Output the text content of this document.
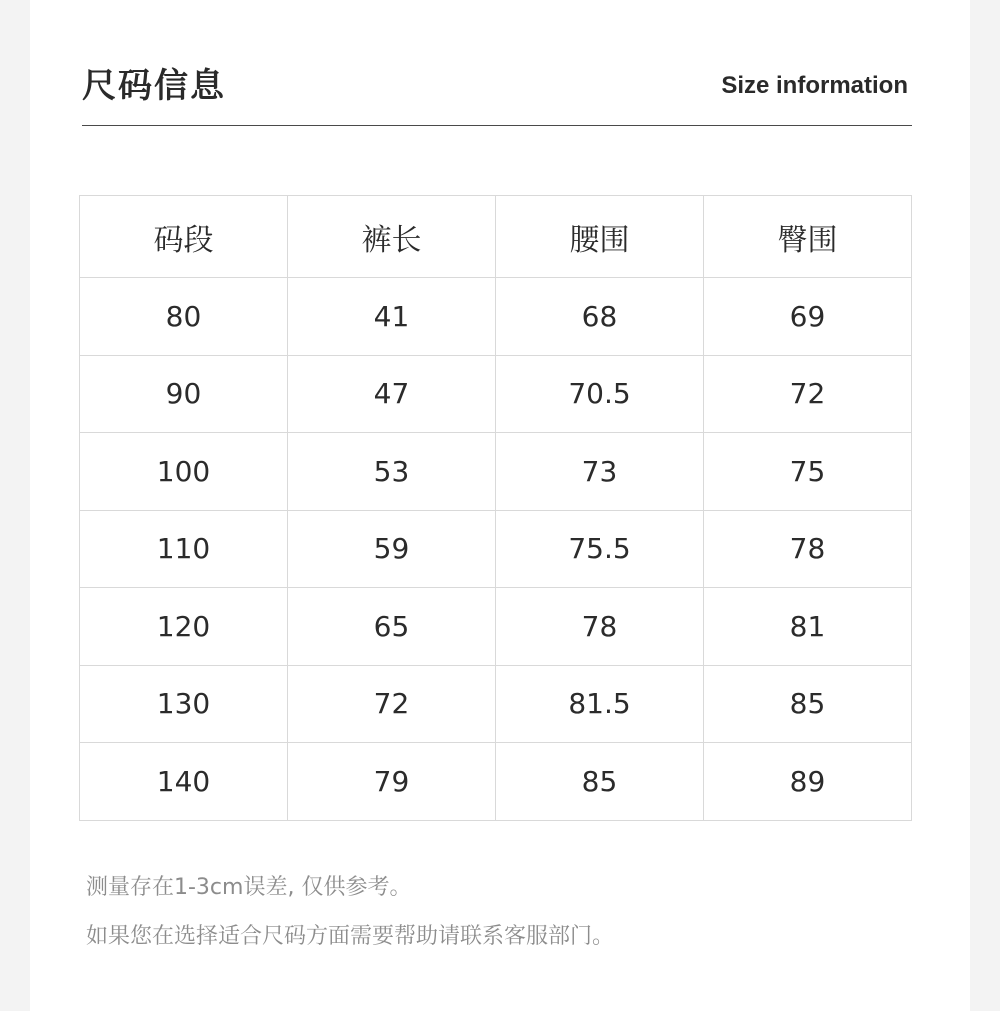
尺码信息	Size information
码段	裤长	腰围	臀围
80	41	68	69
90	47	70.5	72
100	53	73	75
110	59	75.5	78
120	65	78	81
130	72	81.5	85
140	79	85	89
测量存在1-3cm误差, 仅供参考。
如果您在选择适合尺码方面需要帮助请联系客服部门。
